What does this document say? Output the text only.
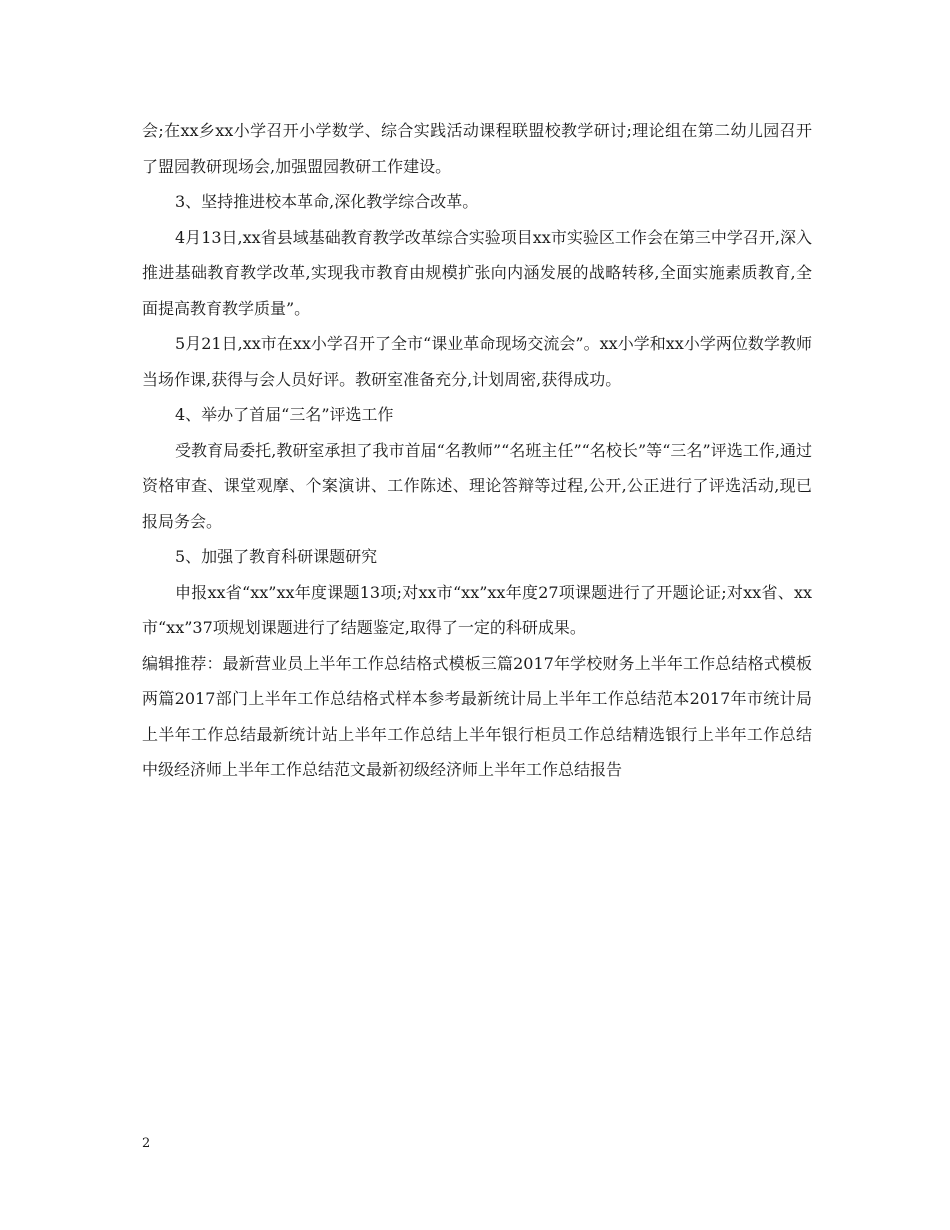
会;在xx乡xx小学召开小学数学、综合实践活动课程联盟校教学研讨;理论组在第二幼儿园召开了盟园教研现场会,加强盟园教研工作建设。

3、坚持推进校本革命,深化教学综合改革。

4月13日,xx省县域基础教育教学改革综合实验项目xx市实验区工作会在第三中学召开,深入推进基础教育教学改革,实现我市教育由规模扩张向内涵发展的战略转移,全面实施素质教育,全面提高教育教学质量”。

5月21日,xx市在xx小学召开了全市“课业革命现场交流会”。xx小学和xx小学两位数学教师当场作课,获得与会人员好评。教研室准备充分,计划周密,获得成功。

4、举办了首届“三名”评选工作

受教育局委托,教研室承担了我市首届“名教师”“名班主任”“名校长”等“三名”评选工作,通过资格审查、课堂观摩、个案演讲、工作陈述、理论答辩等过程,公开,公正进行了评选活动,现已报局务会。

5、加强了教育科研课题研究

申报xx省“xx”xx年度课题13项;对xx市“xx”xx年度27项课题进行了开题论证;对xx省、xx市“xx”37项规划课题进行了结题鉴定,取得了一定的科研成果。

编辑推荐：最新营业员上半年工作总结格式模板三篇2017年学校财务上半年工作总结格式模板两篇2017部门上半年工作总结格式样本参考最新统计局上半年工作总结范本2017年市统计局上半年工作总结最新统计站上半年工作总结上半年银行柜员工作总结精选银行上半年工作总结中级经济师上半年工作总结范文最新初级经济师上半年工作总结报告

2
